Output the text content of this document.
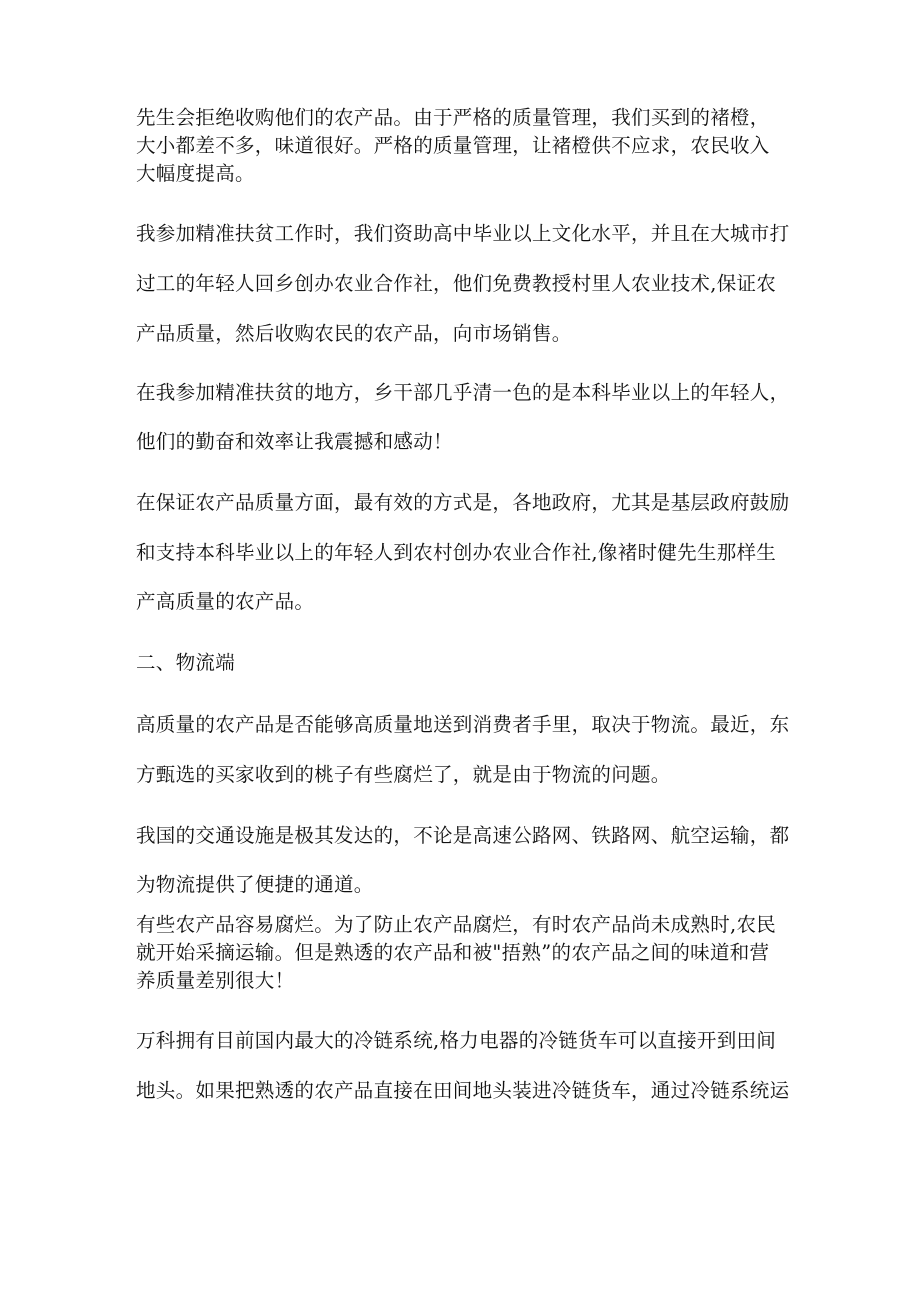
先生会拒绝收购他们的农产品。由于严格的质量管理，我们买到的褚橙，

大小都差不多，味道很好。严格的质量管理，让褚橙供不应求，农民收入

大幅度提高。

我参加精准扶贫工作时，我们资助高中毕业以上文化水平，并且在大城市打

过工的年轻人回乡创办农业合作社，他们免费教授村里人农业技术,保证农

产品质量，然后收购农民的农产品，向市场销售。

在我参加精准扶贫的地方，乡干部几乎清一色的是本科毕业以上的年轻人，

他们的勤奋和效率让我震撼和感动！

在保证农产品质量方面，最有效的方式是，各地政府，尤其是基层政府鼓励

和支持本科毕业以上的年轻人到农村创办农业合作社,像褚时健先生那样生

产高质量的农产品。

二、物流端

高质量的农产品是否能够高质量地送到消费者手里，取决于物流。最近，东

方甄选的买家收到的桃子有些腐烂了，就是由于物流的问题。

我国的交通设施是极其发达的，不论是高速公路网、铁路网、航空运输，都

为物流提供了便捷的通道。

有些农产品容易腐烂。为了防止农产品腐烂，有时农产品尚未成熟时,农民

就开始采摘运输。但是熟透的农产品和被"捂熟”的农产品之间的味道和营

养质量差别很大！

万科拥有目前国内最大的冷链系统,格力电器的冷链货车可以直接开到田间

地头。如果把熟透的农产品直接在田间地头装进冷链货车，通过冷链系统运
